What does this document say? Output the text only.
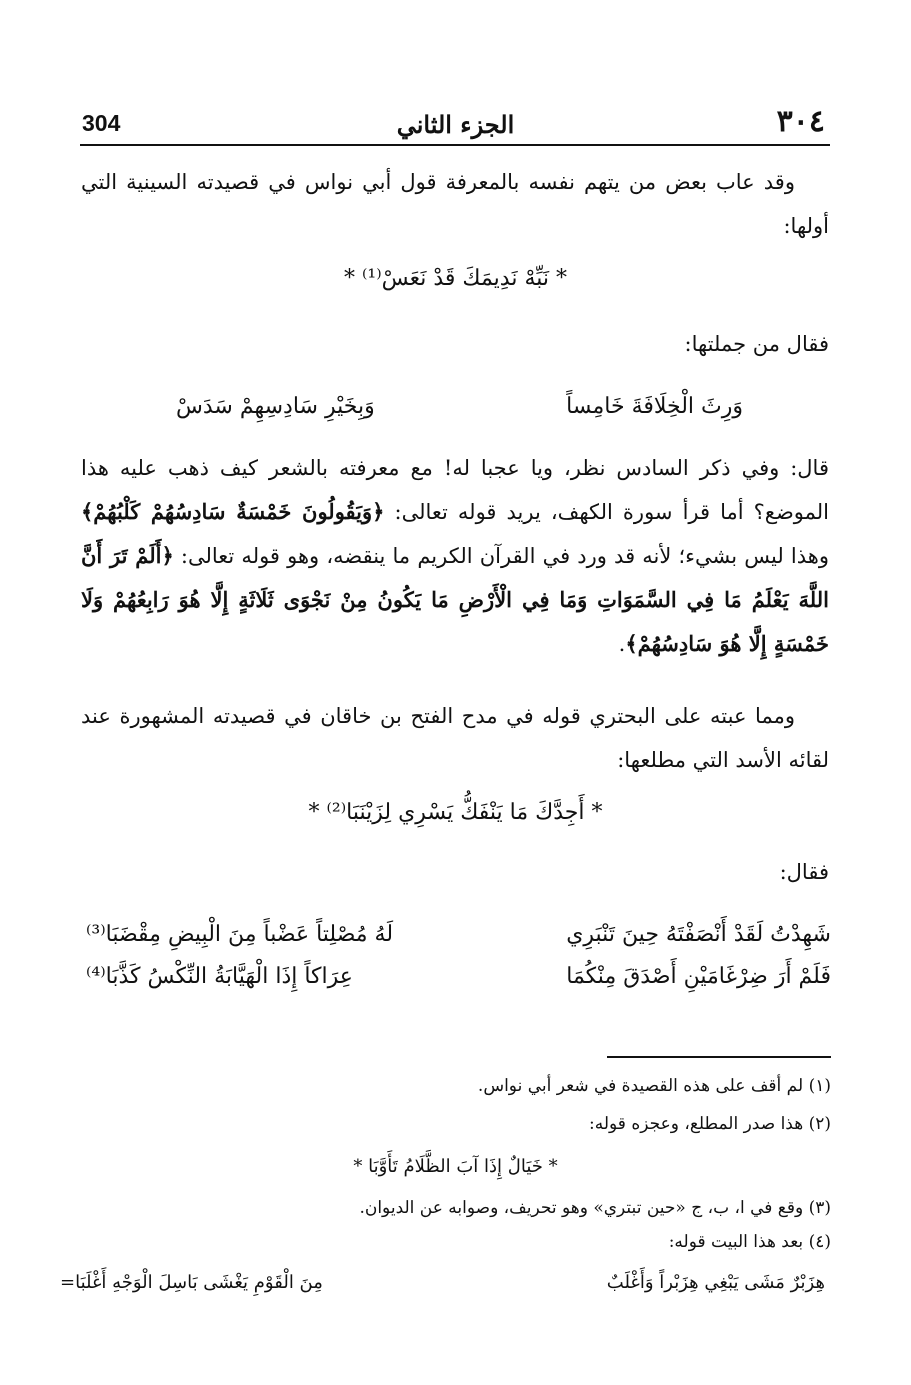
304	الجزء الثاني	٣٠٤
وقد عاب بعض من يتهم نفسه بالمعرفة قول أبي نواس في قصيدته السينية التي أولها:
* نَبِّهْ نَدِيمَكَ قَدْ نَعَسْ⁽¹⁾ *
فقال من جملتها:
وَرِثَ الْخِلَافَةَ خَامِساً
وَبِخَيْرِ سَادِسِهِمْ سَدَسْ
قال: وفي ذكر السادس نظر، ويا عجبا له! مع معرفته بالشعر كيف ذهب عليه هذا الموضع؟ أما قرأ سورة الكهف، يريد قوله تعالى: ﴿وَيَقُولُونَ خَمْسَةٌ سَادِسُهُمْ كَلْبُهُمْ﴾ وهذا ليس بشيء؛ لأنه قد ورد في القرآن الكريم ما ينقضه، وهو قوله تعالى: ﴿أَلَمْ تَرَ أَنَّ اللَّهَ يَعْلَمُ مَا فِي السَّمَوَاتِ وَمَا فِي الْأَرْضِ مَا يَكُونُ مِنْ نَجْوَى ثَلَاثَةٍ إِلَّا هُوَ رَابِعُهُمْ وَلَا خَمْسَةٍ إِلَّا هُوَ سَادِسُهُمْ﴾.
ومما عبته على البحتري قوله في مدح الفتح بن خاقان في قصيدته المشهورة عند لقائه الأسد التي مطلعها:
* أَجِدَّكَ مَا يَنْفَكُّ يَسْرِي لِزَيْنَبَا⁽²⁾ *
فقال:
شَهِدْتُ لَقَدْ أَنْصَفْتَهُ حِينَ تَنْبَرِي
لَهُ مُصْلِتاً عَضْباً مِنَ الْبِيضِ مِقْضَبَا⁽³⁾
فَلَمْ أَرَ ضِرْغَامَيْنِ أَصْدَقَ مِنْكُمَا
عِرَاكاً إِذَا الْهَيَّابَةُ النِّكْسُ كَذَّبَا⁽⁴⁾
(١) لم أقف على هذه القصيدة في شعر أبي نواس.
(٢) هذا صدر المطلع، وعجزه قوله:
* خَيَالٌ إِذَا آبَ الظَّلَامُ تَأَوَّبَا *
(٣) وقع في ا، ب، ج «حين تبتري» وهو تحريف، وصوابه عن الديوان.
(٤) بعد هذا البيت قوله:
هِزَبْرٌ مَشَى يَبْغِي هِزَبْراً وَأَغْلَبٌ
مِنَ الْقَوْمِ يَغْشَى بَاسِلَ الْوَجْهِ أَغْلَبَا=
